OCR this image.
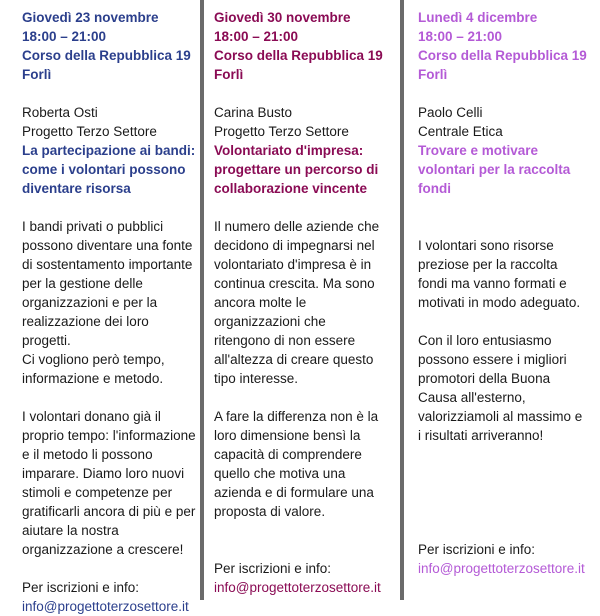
Giovedì 23 novembre

18:00 – 21:00

Corso della Repubblica 19

Forlì

Roberta Osti

Progetto Terzo Settore

La partecipazione ai bandi:

come i volontari possono

diventare risorsa

I bandi privati o pubblici

possono diventare una fonte

di sostentamento importante

per la gestione delle

organizzazioni e per la

realizzazione dei loro progetti.

Ci vogliono però tempo,

informazione e metodo.

I volontari donano già il

proprio tempo: l'informazione

e il metodo li possono

imparare. Diamo loro nuovi

stimoli e competenze per

gratificarli ancora di più e per

aiutare la nostra

organizzazione a crescere!

Per iscrizioni e info:

info@progettoterzosettore.it

Giovedì 30 novembre

18:00 – 21:00

Corso della Repubblica 19

Forlì

Carina Busto

Progetto Terzo Settore

Volontariato d'impresa:

progettare un percorso di

collaborazione vincente

Il numero delle aziende che

decidono di impegnarsi nel

volontariato d'impresa è in

continua crescita. Ma sono

ancora molte le

organizzazioni che

ritengono di non essere

all'altezza di creare questo

tipo interesse.

A fare la differenza non è la

loro dimensione bensì la

capacità di comprendere

quello che motiva una

azienda e di formulare una

proposta di valore.

Per iscrizioni e info:

info@progettoterzosettore.it

Lunedì 4 dicembre

18:00 – 21:00

Corso della Repubblica 19

Forlì

Paolo Celli

Centrale Etica

Trovare e motivare

volontari per la raccolta

fondi

I volontari sono risorse

preziose per la raccolta

fondi ma vanno formati e

motivati in modo adeguato.

Con il loro entusiasmo

possono essere i migliori

promotori della Buona

Causa all'esterno,

valorizziamoli al massimo e

i risultati arriveranno!

Per iscrizioni e info:

info@progettoterzosettore.it
